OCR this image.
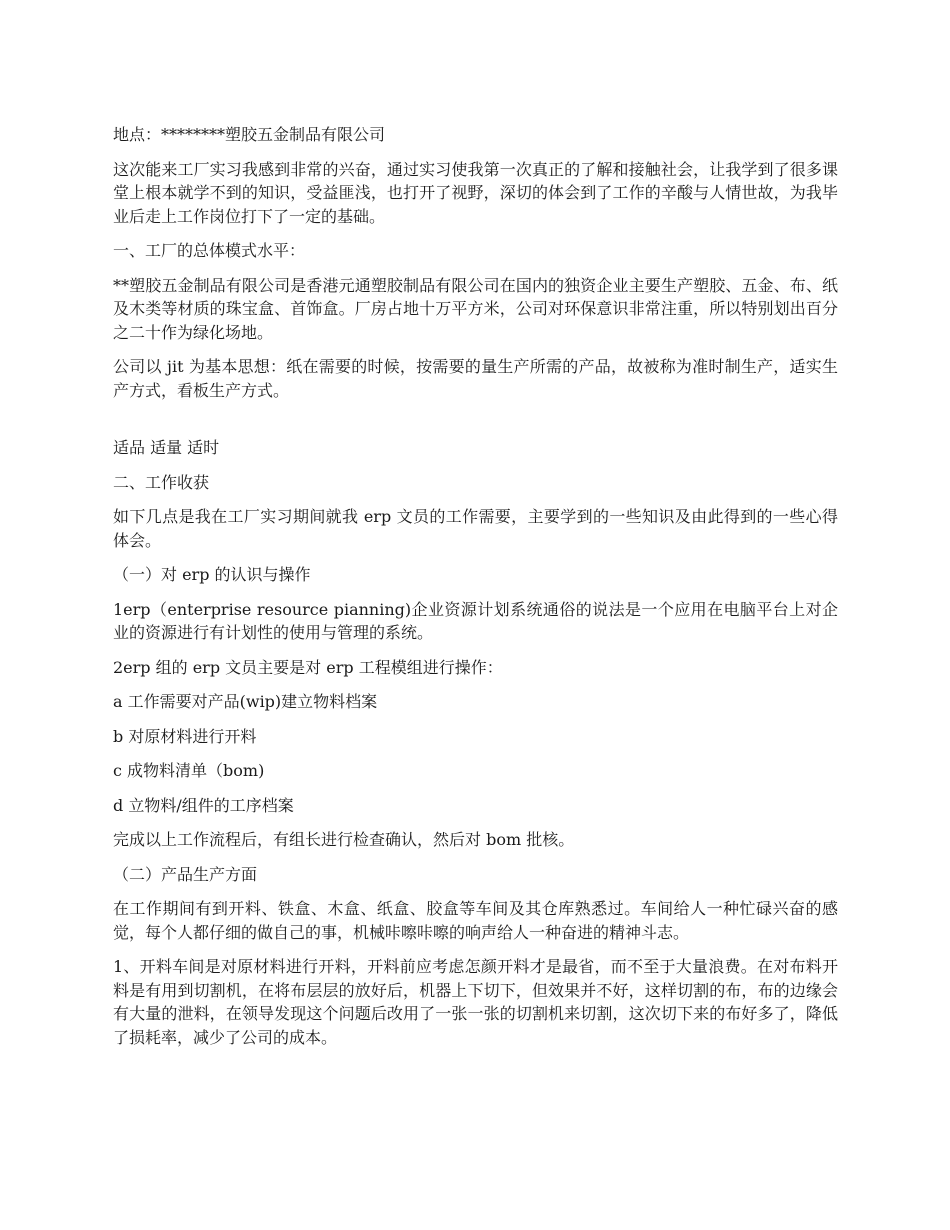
地点：********塑胶五金制品有限公司

这次能来工厂实习我感到非常的兴奋，通过实习使我第一次真正的了解和接触社会，让我学到了很多课堂上根本就学不到的知识，受益匪浅，也打开了视野，深切的体会到了工作的辛酸与人情世故，为我毕业后走上工作岗位打下了一定的基础。

一、工厂的总体模式水平：

**塑胶五金制品有限公司是香港元通塑胶制品有限公司在国内的独资企业主要生产塑胶、五金、布、纸及木类等材质的珠宝盒、首饰盒。厂房占地十万平方米，公司对环保意识非常注重，所以特别划出百分之二十作为绿化场地。

公司以 jit 为基本思想：纸在需要的时候，按需要的量生产所需的产品，故被称为准时制生产，适实生产方式，看板生产方式。

适品 适量 适时

二、工作收获

如下几点是我在工厂实习期间就我 erp 文员的工作需要，主要学到的一些知识及由此得到的一些心得体会。

（一）对 erp 的认识与操作

1erp（enterprise resource pianning)企业资源计划系统通俗的说法是一个应用在电脑平台上对企业的资源进行有计划性的使用与管理的系统。

2erp 组的 erp 文员主要是对 erp 工程模组进行操作：

a 工作需要对产品(wip)建立物料档案

b 对原材料进行开料

c 成物料清单（bom)

d 立物料/组件的工序档案

完成以上工作流程后，有组长进行检查确认，然后对 bom 批核。

（二）产品生产方面

在工作期间有到开料、铁盒、木盒、纸盒、胶盒等车间及其仓库熟悉过。车间给人一种忙碌兴奋的感觉，每个人都仔细的做自己的事，机械咔嚓咔嚓的响声给人一种奋进的精神斗志。

1、开料车间是对原材料进行开料，开料前应考虑怎颜开料才是最省，而不至于大量浪费。在对布料开料是有用到切割机，在将布层层的放好后，机器上下切下，但效果并不好，这样切割的布，布的边缘会有大量的泄料，在领导发现这个问题后改用了一张一张的切割机来切割，这次切下来的布好多了，降低了损耗率，减少了公司的成本。
